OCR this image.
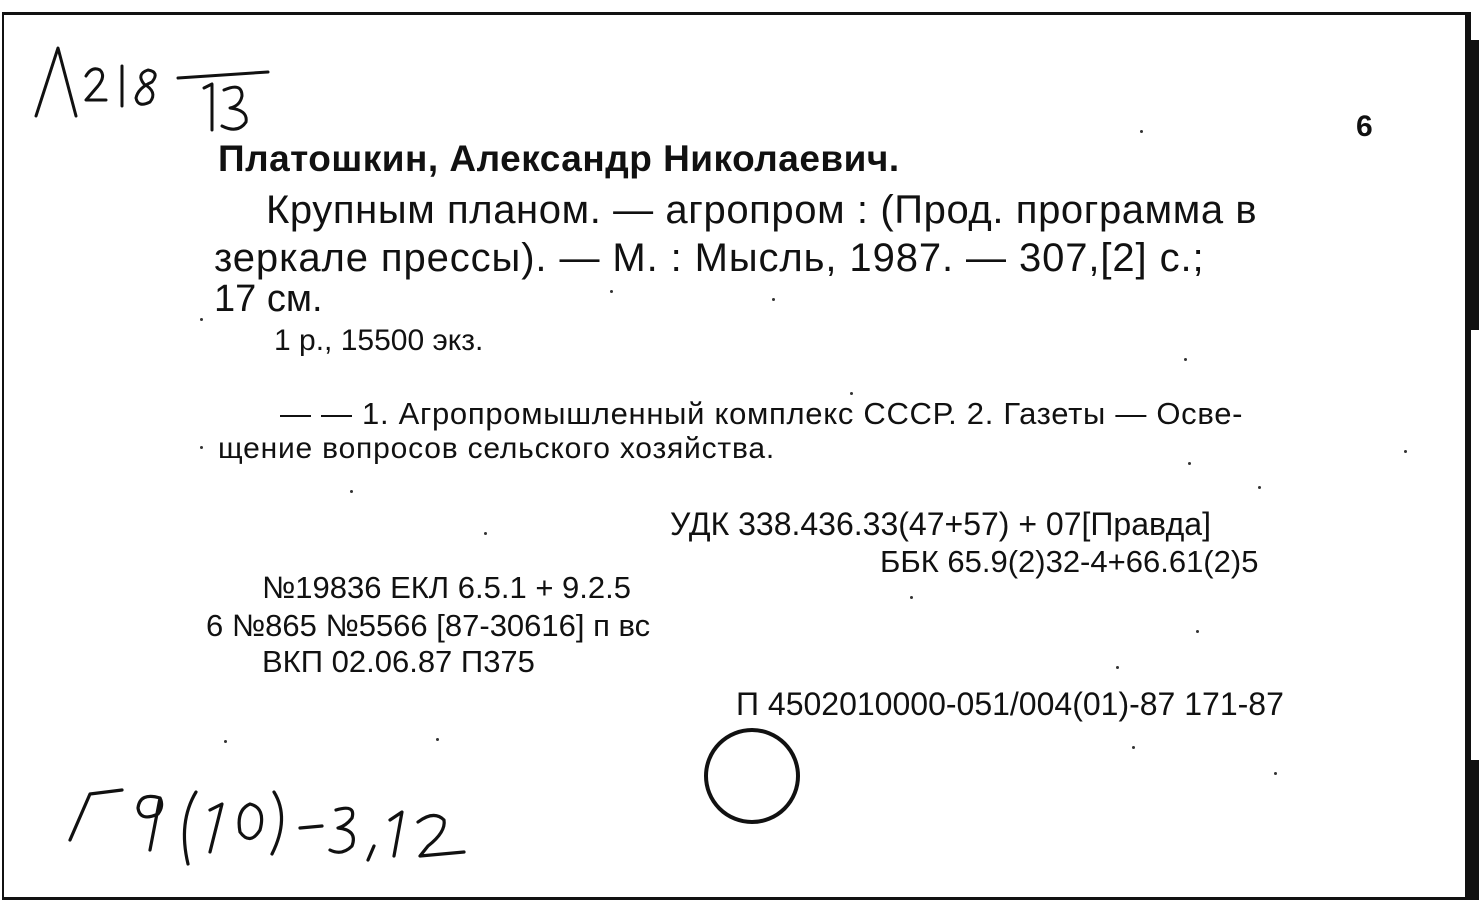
6
Платошкин, Александр Николаевич.
Крупным планом. — агропром : (Прод. программа в
зеркале прессы). — М. : Мысль, 1987. — 307,[2] с.;
17 см.
1 р., 15500 экз.
— — 1. Агропромышленный комплекс СССР. 2. Газеты — Осве-
щение вопросов сельского хозяйства.
УДК 338.436.33(47+57) + 07[Правда]
ББК 65.9(2)32-4+66.61(2)5
№19836 ЕКЛ 6.5.1 + 9.2.5
6 №865 №5566 [87-30616] п вс
ВКП 02.06.87 П375
П 4502010000-051/004(01)-87 171-87
